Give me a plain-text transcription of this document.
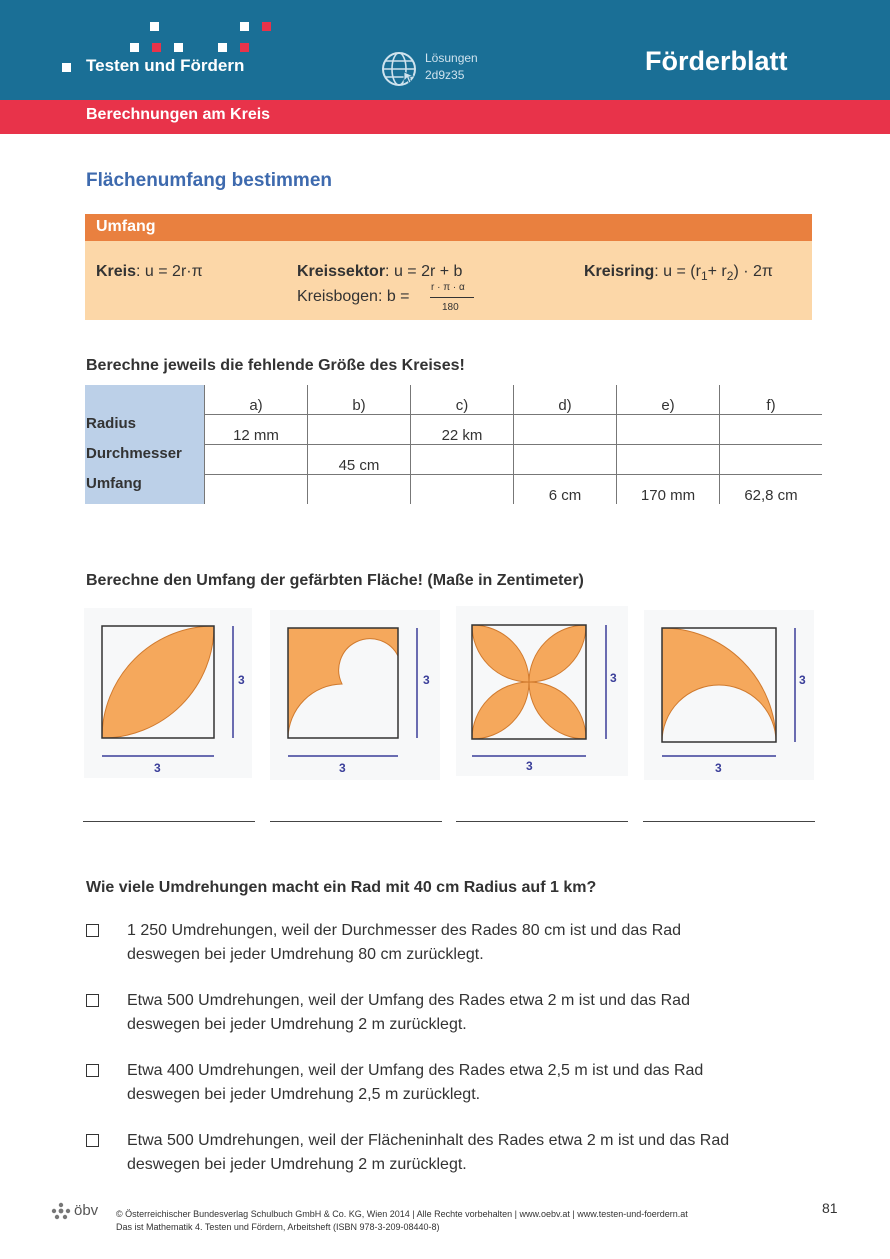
Testen und Fördern	Lösungen
2d9z35	Förderblatt
Berechnungen am Kreis
Flächenumfang bestimmen
Umfang
Kreis: u = 2r·π	Kreissektor: u = 2r + b
Kreisbogen: b =
r · π · α
180
Kreisring: $u = (r_1+ r_2) \cdot 2\pi$
Berechne jeweils die fehlende Größe des Kreises!
	a)	b)	c)	d)	e)	f)
Radius	12 mm		22 km			
Durchmesser		45 cm				
Umfang				6 cm	170 mm	62,8 cm
Berechne den Umfang der gefärbten Fläche! (Maße in Zentimeter)
3
3
3
3
3
3
3
3
Wie viele Umdrehungen macht ein Rad mit 40 cm Radius auf 1 km?
1 250 Umdrehungen, weil der Durchmesser des Rades 80 cm ist und das Rad
deswegen bei jeder Umdrehung 80 cm zurücklegt.
Etwa 500 Umdrehungen, weil der Umfang des Rades etwa 2 m ist und das Rad
deswegen bei jeder Umdrehung 2 m zurücklegt.
Etwa 400 Umdrehungen, weil der Umfang des Rades etwa 2,5 m ist und das Rad
deswegen bei jeder Umdrehung 2,5 m zurücklegt.
Etwa 500 Umdrehungen, weil der Flächeninhalt des Rades etwa 2 m ist und das Rad
deswegen bei jeder Umdrehung 2 m zurücklegt.
öbv © Österreichischer Bundesverlag Schulbuch GmbH & Co. KG, Wien 2014 | Alle Rechte vorbehalten | www.oebv.at | www.testen-und-foerdern.at
Das ist Mathematik 4. Testen und Fördern, Arbeitsheft (ISBN 978-3-209-08440-8)
81
